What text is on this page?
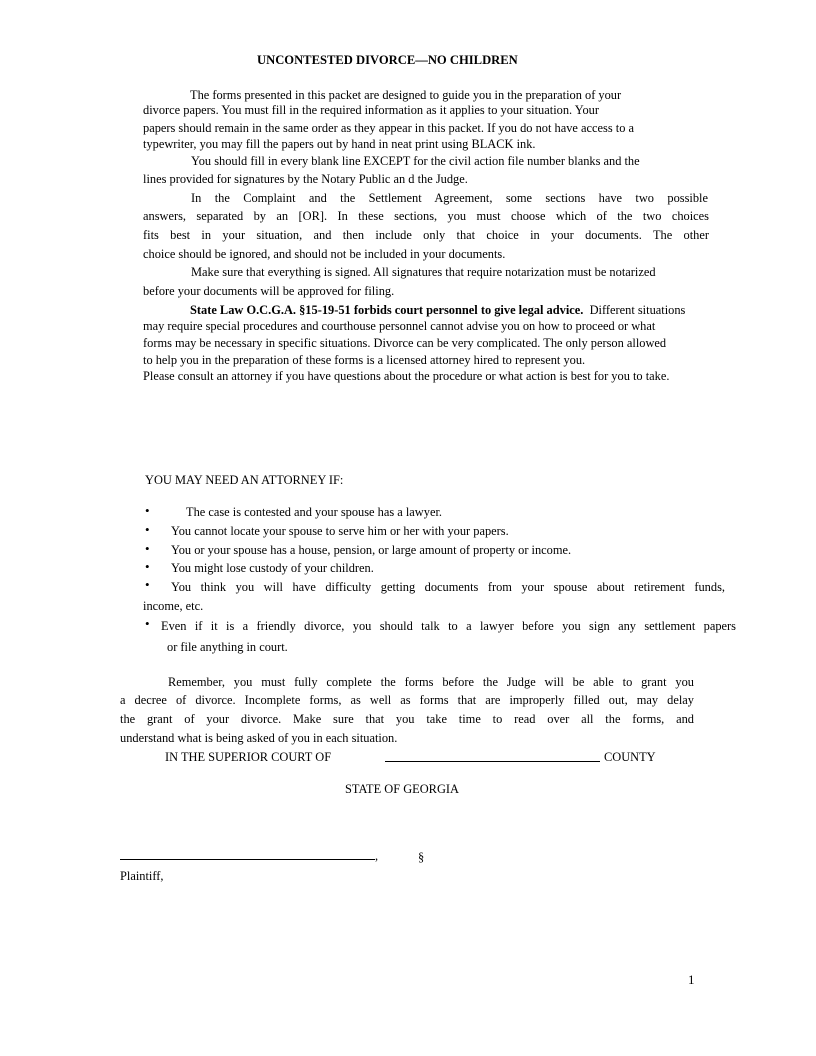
UNCONTESTED DIVORCE—NO CHILDREN
The forms presented in this packet are designed to guide you in the preparation of your
divorce papers. You must fill in the required information as it applies to your situation. Your
papers should remain in the same order as they appear in this packet. If you do not have access to a
typewriter, you may fill the papers out by hand in neat print using BLACK ink.
You should fill in every blank line EXCEPT for the civil action file number blanks and the
lines provided for signatures by the Notary Public an d the Judge.
In the Complaint and the Settlement Agreement, some sections have two possible
answers, separated by an [OR]. In these sections, you must choose which of the two choices
fits best in your situation, and then include only that choice in your documents. The other
choice should be ignored, and should not be included in your documents.
Make sure that everything is signed. All signatures that require notarization must be notarized
before your documents will be approved for filing.
State Law O.C.G.A. §15-19-51 forbids court personnel to give legal advice. Different situations
may require special procedures and courthouse personnel cannot advise you on how to proceed or what
forms may be necessary in specific situations. Divorce can be very complicated. The only person allowed
to help you in the preparation of these forms is a licensed attorney hired to represent you.
Please consult an attorney if you have questions about the procedure or what action is best for you to take.
YOU MAY NEED AN ATTORNEY IF:
•	The case is contested and your spouse has a lawyer.
• You cannot locate your spouse to serve him or her with your papers.
• You or your spouse has a house, pension, or large amount of property or income.
• You might lose custody of your children.
• You think you will have difficulty getting documents from your spouse about retirement funds,
income, etc.
• Even if it is a friendly divorce, you should talk to a lawyer before you sign any settlement papers
or file anything in court.
Remember, you must fully complete the forms before the Judge will be able to grant you
a decree of divorce. Incomplete forms, as well as forms that are improperly filled out, may delay
the grant of your divorce. Make sure that you take time to read over all the forms, and
understand what is being asked of you in each situation.
IN THE SUPERIOR COURT OF	COUNTY
STATE OF GEORGIA
,	§
Plaintiff,
1
